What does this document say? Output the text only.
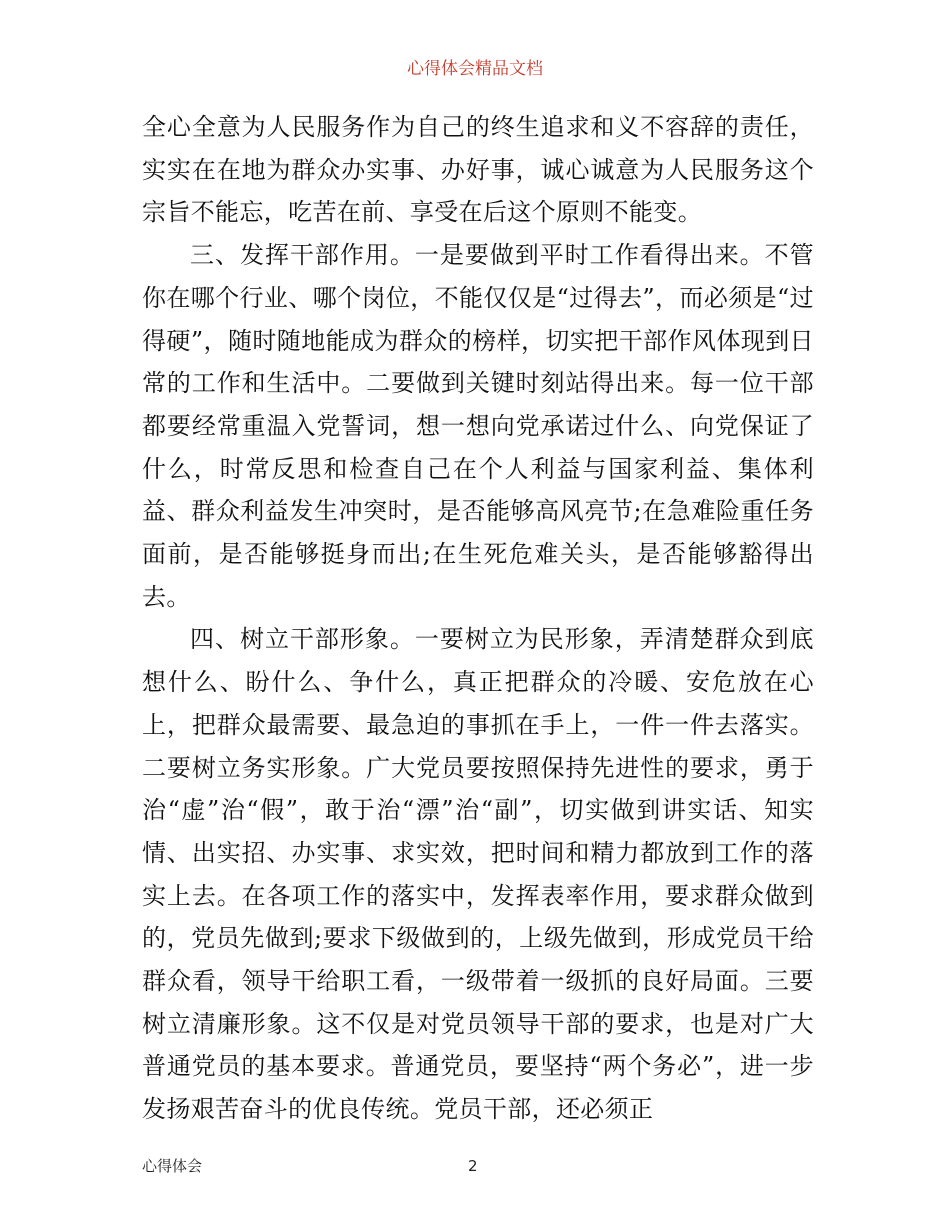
心得体会精品文档

全心全意为人民服务作为自己的终生追求和义不容辞的责任，实实在在地为群众办实事、办好事，诚心诚意为人民服务这个宗旨不能忘，吃苦在前、享受在后这个原则不能变。

三、发挥干部作用。一是要做到平时工作看得出来。不管你在哪个行业、哪个岗位，不能仅仅是“过得去”，而必须是“过得硬”，随时随地能成为群众的榜样，切实把干部作风体现到日常的工作和生活中。二要做到关键时刻站得出来。每一位干部都要经常重温入党誓词，想一想向党承诺过什么、向党保证了什么，时常反思和检查自己在个人利益与国家利益、集体利益、群众利益发生冲突时，是否能够高风亮节;在急难险重任务面前，是否能够挺身而出;在生死危难关头，是否能够豁得出去。

四、树立干部形象。一要树立为民形象，弄清楚群众到底想什么、盼什么、争什么，真正把群众的冷暖、安危放在心上，把群众最需要、最急迫的事抓在手上，一件一件去落实。二要树立务实形象。广大党员要按照保持先进性的要求，勇于治“虚”治“假”，敢于治“漂”治“副”，切实做到讲实话、知实情、出实招、办实事、求实效，把时间和精力都放到工作的落实上去。在各项工作的落实中，发挥表率作用，要求群众做到的，党员先做到;要求下级做到的，上级先做到，形成党员干给群众看，领导干给职工看，一级带着一级抓的良好局面。三要树立清廉形象。这不仅是对党员领导干部的要求，也是对广大普通党员的基本要求。普通党员，要坚持“两个务必”，进一步发扬艰苦奋斗的优良传统。党员干部，还必须正

心得体会	2
